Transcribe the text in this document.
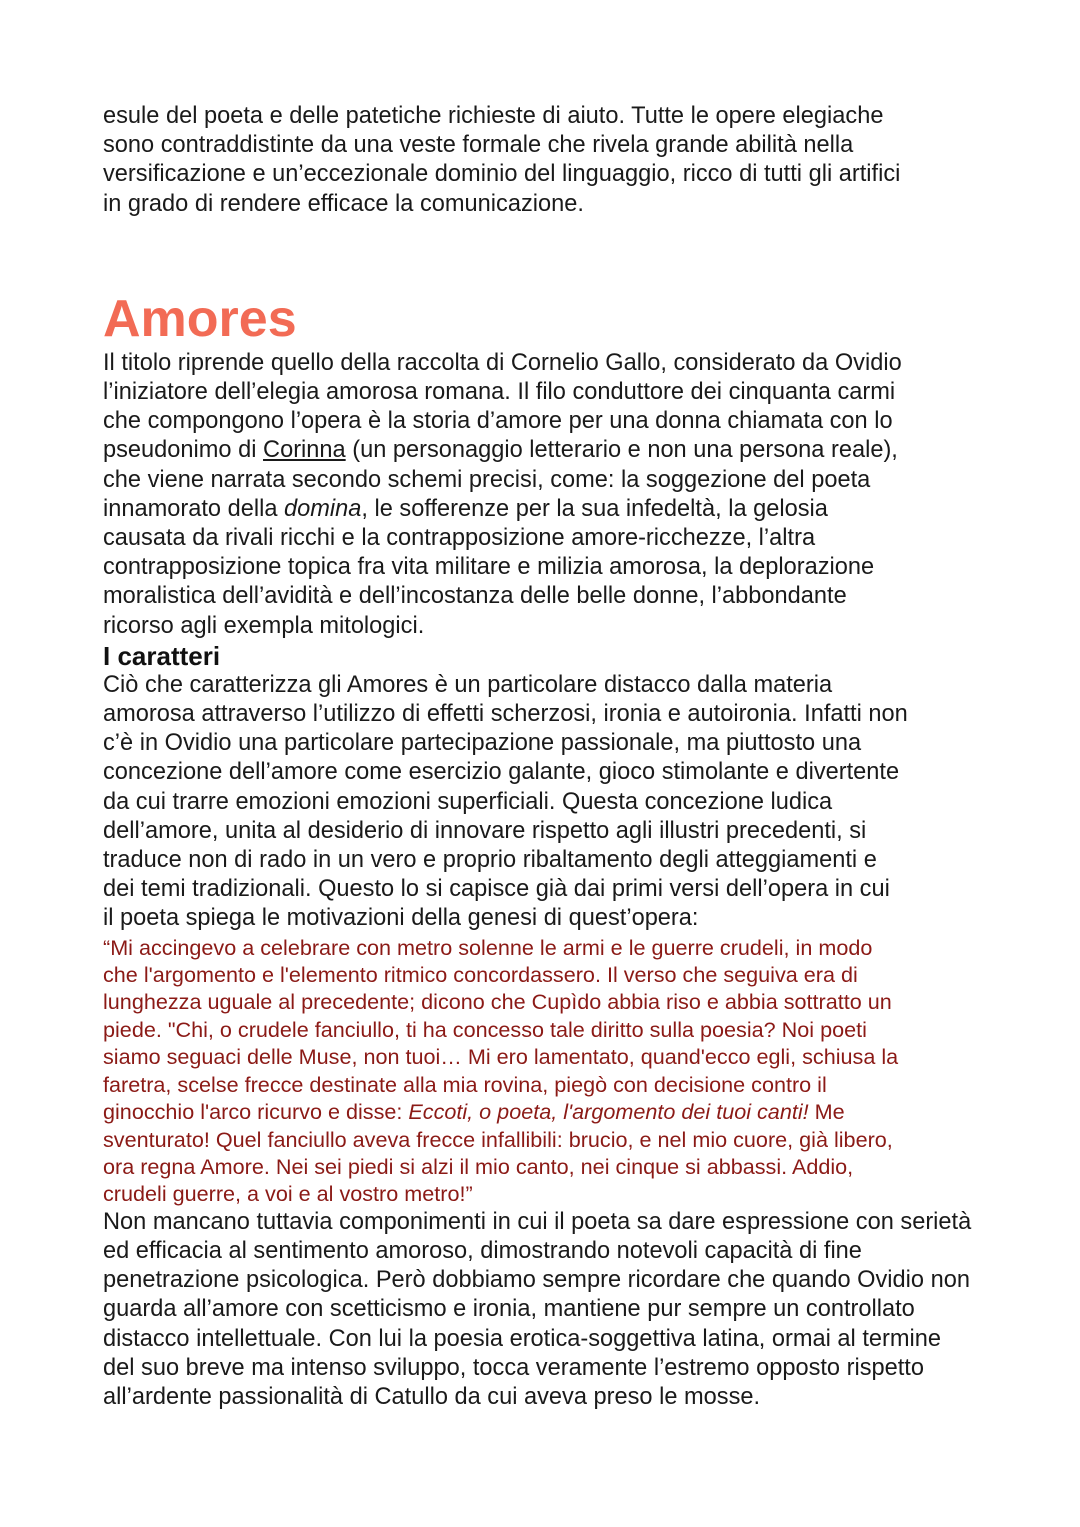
esule del poeta e delle patetiche richieste di aiuto. Tutte le opere elegiache
sono contraddistinte da una veste formale che rivela grande abilità nella
versificazione e un’eccezionale dominio del linguaggio, ricco di tutti gli artifici
in grado di rendere efficace la comunicazione.

Amores

Il titolo riprende quello della raccolta di Cornelio Gallo, considerato da Ovidio
l’iniziatore dell’elegia amorosa romana. Il filo conduttore dei cinquanta carmi
che compongono l’opera è la storia d’amore per una donna chiamata con lo
pseudonimo di Corinna (un personaggio letterario e non una persona reale),
che viene narrata secondo schemi precisi, come: la soggezione del poeta
innamorato della domina, le sofferenze per la sua infedeltà, la gelosia
causata da rivali ricchi e la contrapposizione amore-ricchezze, l’altra
contrapposizione topica fra vita militare e milizia amorosa, la deplorazione
moralistica dell’avidità e dell’incostanza delle belle donne, l’abbondante
ricorso agli exempla mitologici.

I caratteri

Ciò che caratterizza gli Amores è un particolare distacco dalla materia
amorosa attraverso l’utilizzo di effetti scherzosi, ironia e autoironia. Infatti non
c’è in Ovidio una particolare partecipazione passionale, ma piuttosto una
concezione dell’amore come esercizio galante, gioco stimolante e divertente
da cui trarre emozioni emozioni superficiali. Questa concezione ludica
dell’amore, unita al desiderio di innovare rispetto agli illustri precedenti, si
traduce non di rado in un vero e proprio ribaltamento degli atteggiamenti e
dei temi tradizionali. Questo lo si capisce già dai primi versi dell’opera in cui
il poeta spiega le motivazioni della genesi di quest’opera:

“Mi accingevo a celebrare con metro solenne le armi e le guerre crudeli, in modo
che l'argomento e l'elemento ritmico concordassero. Il verso che seguiva era di
lunghezza uguale al precedente; dicono che Cupìdo abbia riso e abbia sottratto un
piede. "Chi, o crudele fanciullo, ti ha concesso tale diritto sulla poesia? Noi poeti
siamo seguaci delle Muse, non tuoi… Mi ero lamentato, quand'ecco egli, schiusa la
faretra, scelse frecce destinate alla mia rovina, piegò con decisione contro il
ginocchio l'arco ricurvo e disse: Eccoti, o poeta, l'argomento dei tuoi canti! Me
sventurato! Quel fanciullo aveva frecce infallibili: brucio, e nel mio cuore, già libero,
ora regna Amore. Nei sei piedi si alzi il mio canto, nei cinque si abbassi. Addio,
crudeli guerre, a voi e al vostro metro!”

Non mancano tuttavia componimenti in cui il poeta sa dare espressione con serietà
ed efficacia al sentimento amoroso, dimostrando notevoli capacità di fine
penetrazione psicologica. Però dobbiamo sempre ricordare che quando Ovidio non
guarda all’amore con scetticismo e ironia, mantiene pur sempre un controllato
distacco intellettuale. Con lui la poesia erotica-soggettiva latina, ormai al termine
del suo breve ma intenso sviluppo, tocca veramente l’estremo opposto rispetto
all’ardente passionalità di Catullo da cui aveva preso le mosse.
